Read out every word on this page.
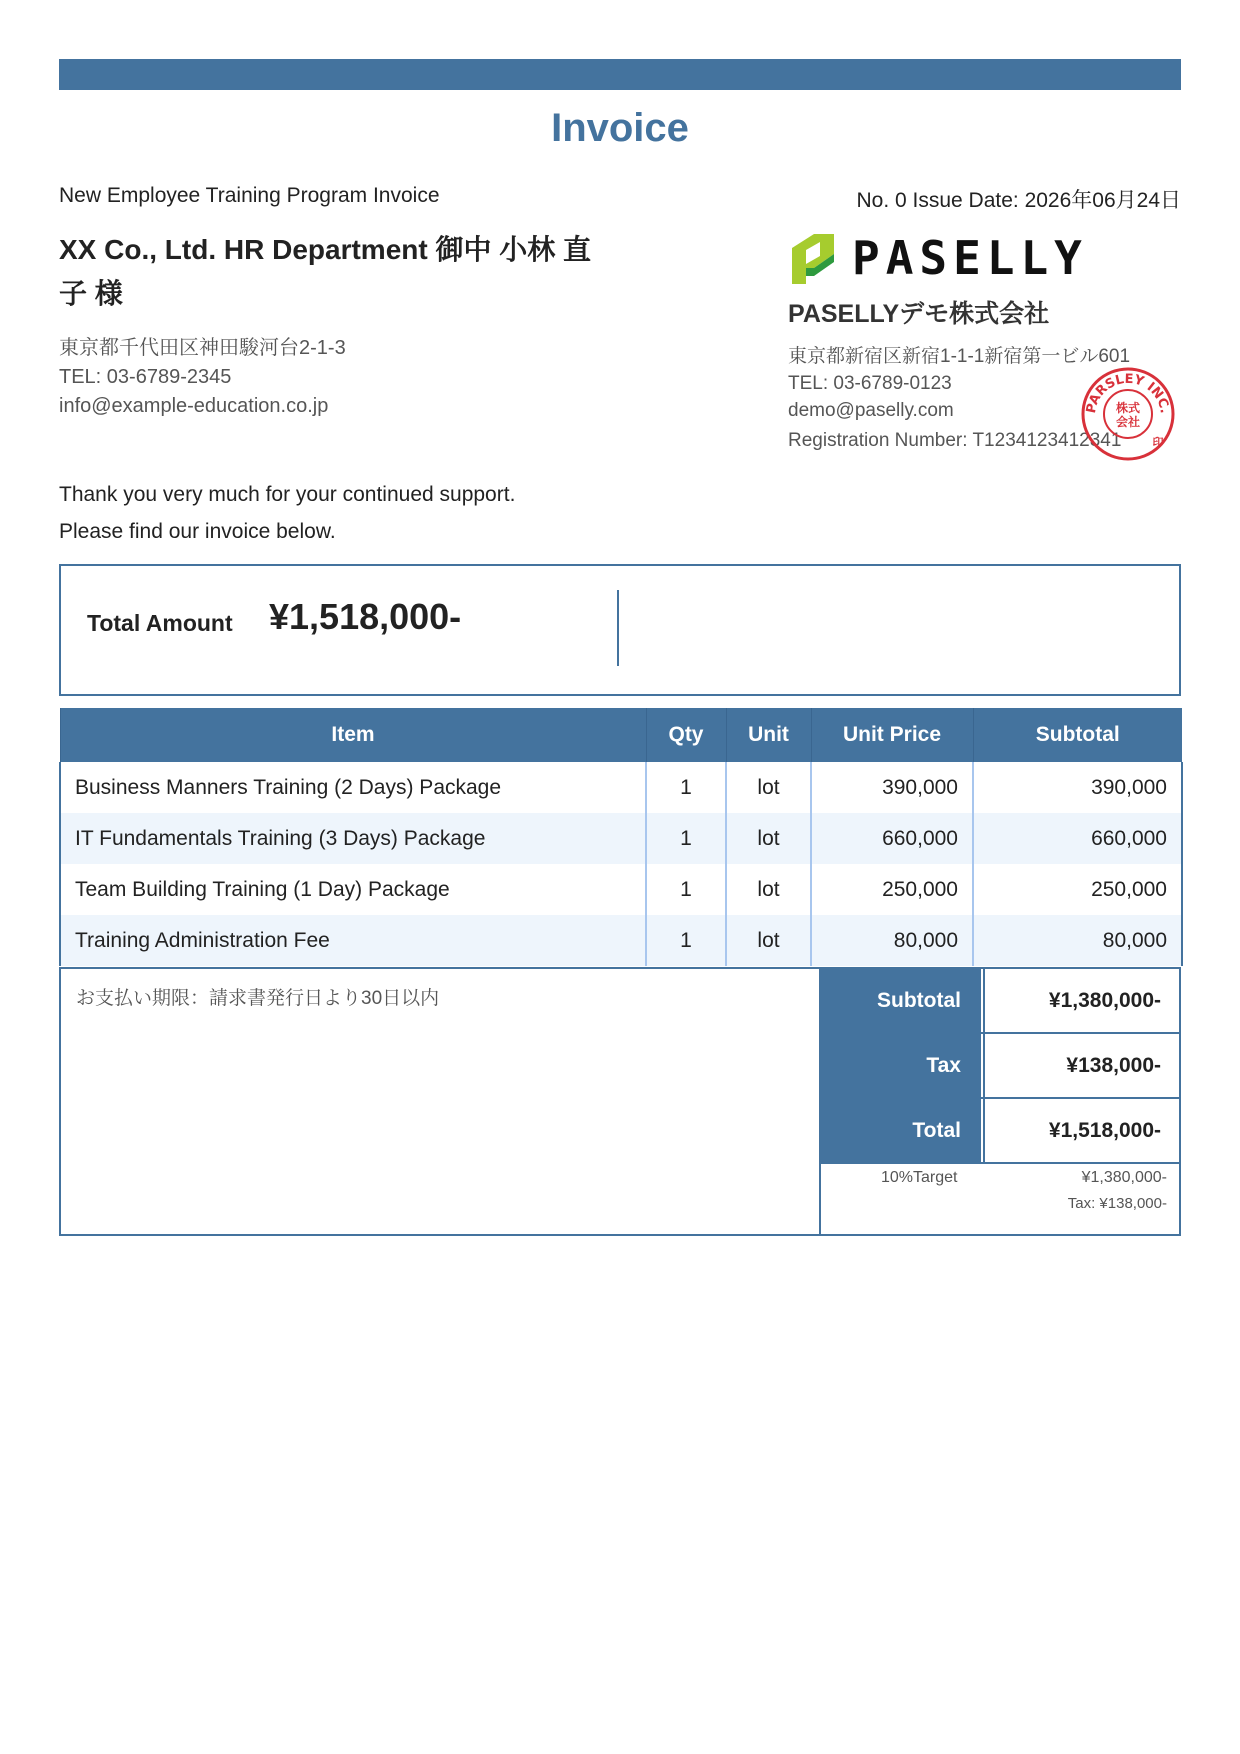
Invoice
New Employee Training Program Invoice	No. 0 Issue Date: 2026年06月24日
XX Co., Ltd. HR Department 御中 小林 直子 様
東京都千代田区神田駿河台2-1-3
TEL: 03-6789-2345
info@example-education.co.jp
Thank you very much for your continued support.
Please find our invoice below.
PASELLY
PASELLYデモ株式会社
東京都新宿区新宿1-1-1新宿第一ビル601
TEL: 03-6789-0123
demo@paselly.com
Registration Number: T1234123412341
PARSLEY INC.
株式
会社
印
Total Amount ¥1,518,000-
Item	Qty	Unit	Unit Price	Subtotal
Business Manners Training (2 Days) Package	1	lot	390,000	390,000
IT Fundamentals Training (3 Days) Package	1	lot	660,000	660,000
Team Building Training (1 Day) Package	1	lot	250,000	250,000
Training Administration Fee	1	lot	80,000	80,000
お支払い期限：請求書発行日より30日以内	Subtotal	¥1,380,000-
Tax	¥138,000-
Total	¥1,518,000-
10%Target	¥1,380,000-
Tax: ¥138,000-
